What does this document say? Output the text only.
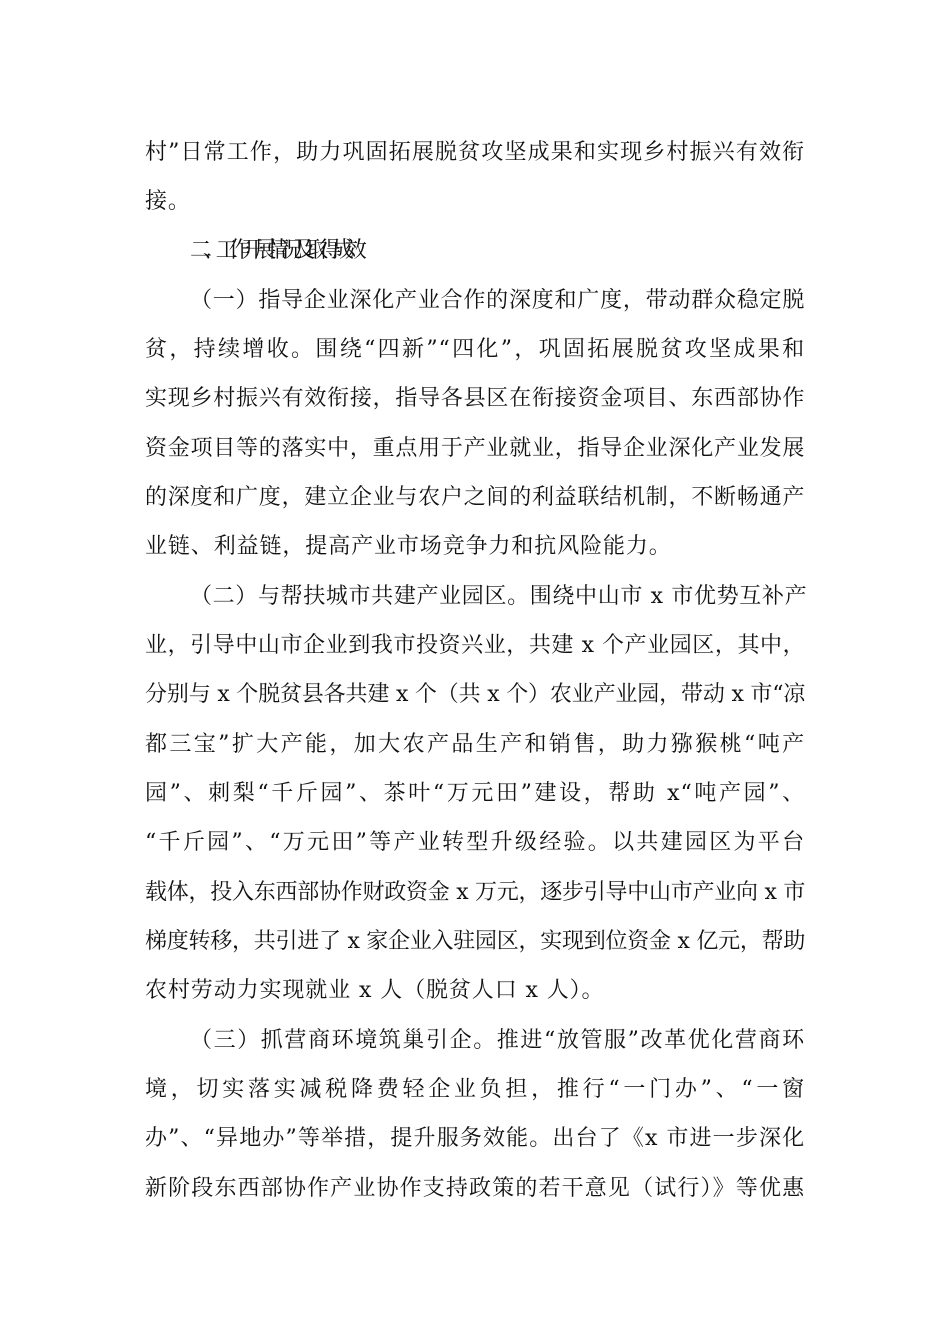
村”日常工作，助力巩固拓展脱贫攻坚成果和实现乡村振兴有效衔
接。
二、工作开展情况及取得成效
（一）指导企业深化产业合作的深度和广度，带动群众稳定脱
贫，持续增收。围绕“四新”“四化”，巩固拓展脱贫攻坚成果和
实现乡村振兴有效衔接，指导各县区在衔接资金项目、东西部协作
资金项目等的落实中，重点用于产业就业，指导企业深化产业发展
的深度和广度，建立企业与农户之间的利益联结机制，不断畅通产
业链、利益链，提高产业市场竞争力和抗风险能力。
（二）与帮扶城市共建产业园区。围绕中山市 x 市优势互补产
业，引导中山市企业到我市投资兴业，共建 x 个产业园区，其中，
分别与 x 个脱贫县各共建 x 个（共 x 个）农业产业园，带动 x 市“凉
都三宝”扩大产能，加大农产品生产和销售，助力猕猴桃“吨产
园”、刺梨“千斤园”、茶叶“万元田”建设，帮助 x“吨产园”、
“千斤园”、“万元田”等产业转型升级经验。以共建园区为平台
载体，投入东西部协作财政资金 x 万元，逐步引导中山市产业向 x 市
梯度转移，共引进了 x 家企业入驻园区，实现到位资金 x 亿元，帮助
农村劳动力实现就业 x 人（脱贫人口 x 人）。
（三）抓营商环境筑巢引企。推进“放管服”改革优化营商环
境，切实落实减税降费轻企业负担，推行“一门办”、“一窗
办”、“异地办”等举措，提升服务效能。出台了《x 市进一步深化
新阶段东西部协作产业协作支持政策的若干意见（试行）》等优惠
